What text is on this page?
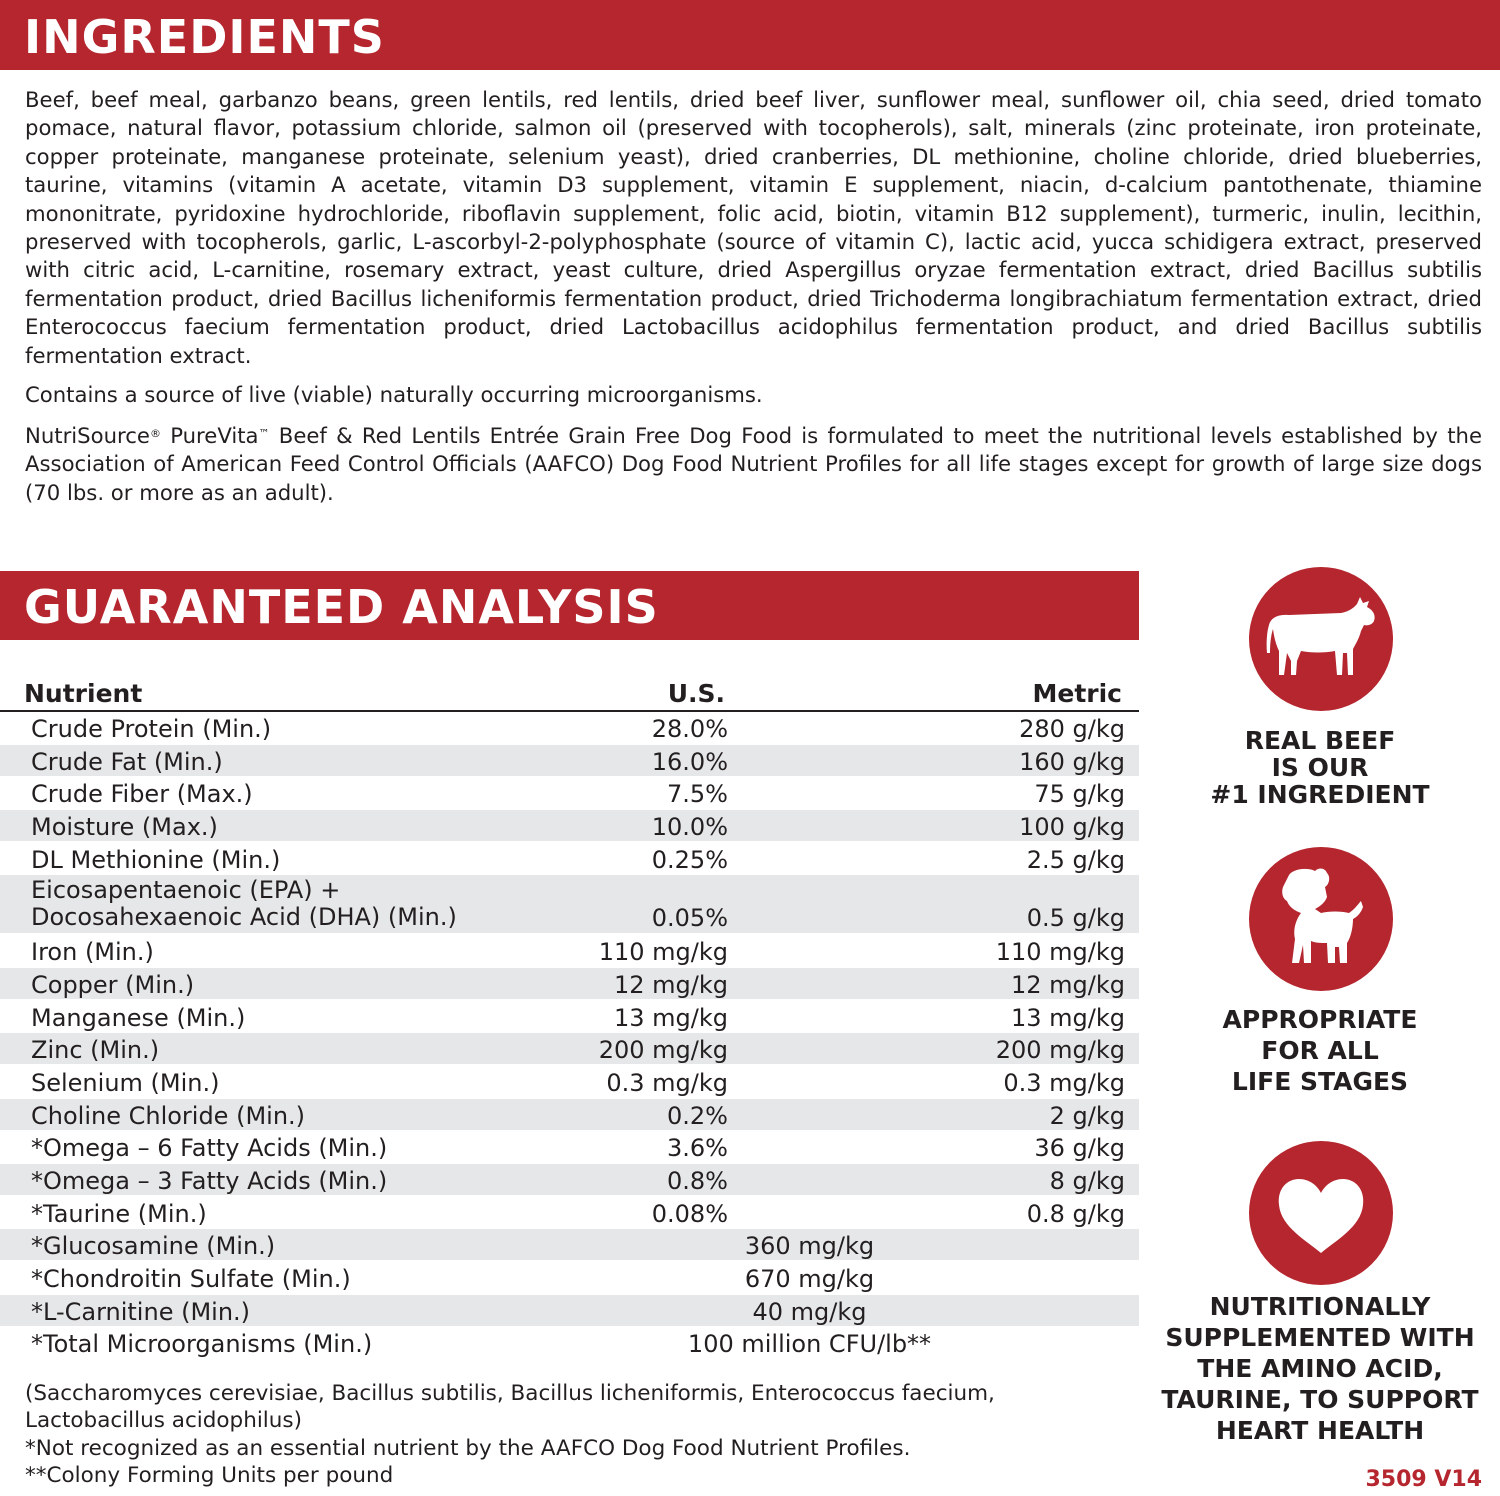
INGREDIENTS

Beef, beef meal, garbanzo beans, green lentils, red lentils, dried beef liver, sunflower meal, sunflower oil, chia seed, dried tomato pomace, natural flavor, potassium chloride, salmon oil (preserved with tocopherols), salt, minerals (zinc proteinate, iron proteinate, copper proteinate, manganese proteinate, selenium yeast), dried cranberries, DL methionine, choline chloride, dried blueberries, taurine, vitamins (vitamin A acetate, vitamin D3 supplement, vitamin E supplement, niacin, d-calcium pantothenate, thiamine mononitrate, pyridoxine hydrochloride, riboflavin supplement, folic acid, biotin, vitamin B12 supplement), turmeric, inulin, lecithin, preserved with tocopherols, garlic, L-ascorbyl-2-polyphosphate (source of vitamin C), lactic acid, yucca schidigera extract, preserved with citric acid, L-carnitine, rosemary extract, yeast culture, dried Aspergillus oryzae fermentation extract, dried Bacillus subtilis fermentation product, dried Bacillus licheniformis fermentation product, dried Trichoderma longibrachiatum fermentation extract, dried Enterococcus faecium fermentation product, dried Lactobacillus acidophilus fermentation product, and dried Bacillus subtilis fermentation extract.

Contains a source of live (viable) naturally occurring microorganisms.

NutriSource® PureVita™ Beef & Red Lentils Entrée Grain Free Dog Food is formulated to meet the nutritional levels established by the Association of American Feed Control Officials (AAFCO) Dog Food Nutrient Profiles for all life stages except for growth of large size dogs (70 lbs. or more as an adult).

GUARANTEED ANALYSIS
Nutrient	U.S.	Metric
Crude Protein (Min.)	28.0%	280 g/kg
Crude Fat (Min.)	16.0%	160 g/kg
Crude Fiber (Max.)	7.5%	75 g/kg
Moisture (Max.)	10.0%	100 g/kg
DL Methionine (Min.)	0.25%	2.5 g/kg
Eicosapentaenoic (EPA) +
Docosahexaenoic Acid (DHA) (Min.)	0.05%	0.5 g/kg
Iron (Min.)	110 mg/kg	110 mg/kg
Copper (Min.)	12 mg/kg	12 mg/kg
Manganese (Min.)	13 mg/kg	13 mg/kg
Zinc (Min.)	200 mg/kg	200 mg/kg
Selenium (Min.)	0.3 mg/kg	0.3 mg/kg
Choline Chloride (Min.)	0.2%	2 g/kg
*Omega – 6 Fatty Acids (Min.)	3.6%	36 g/kg
*Omega – 3 Fatty Acids (Min.)	0.8%	8 g/kg
*Taurine (Min.)	0.08%	0.8 g/kg
*Glucosamine (Min.)	360 mg/kg
*Chondroitin Sulfate (Min.)	670 mg/kg
*L-Carnitine (Min.)	40 mg/kg
*Total Microorganisms (Min.)	100 million CFU/lb**

(Saccharomyces cerevisiae, Bacillus subtilis, Bacillus licheniformis, Enterococcus faecium, Lactobacillus acidophilus)

*Not recognized as an essential nutrient by the AAFCO Dog Food Nutrient Profiles.

**Colony Forming Units per pound	3509 V14

REAL BEEF
IS OUR
#1 INGREDIENT

APPROPRIATE
FOR ALL
LIFE STAGES

NUTRITIONALLY
SUPPLEMENTED WITH
THE AMINO ACID,
TAURINE, TO SUPPORT
HEART HEALTH
